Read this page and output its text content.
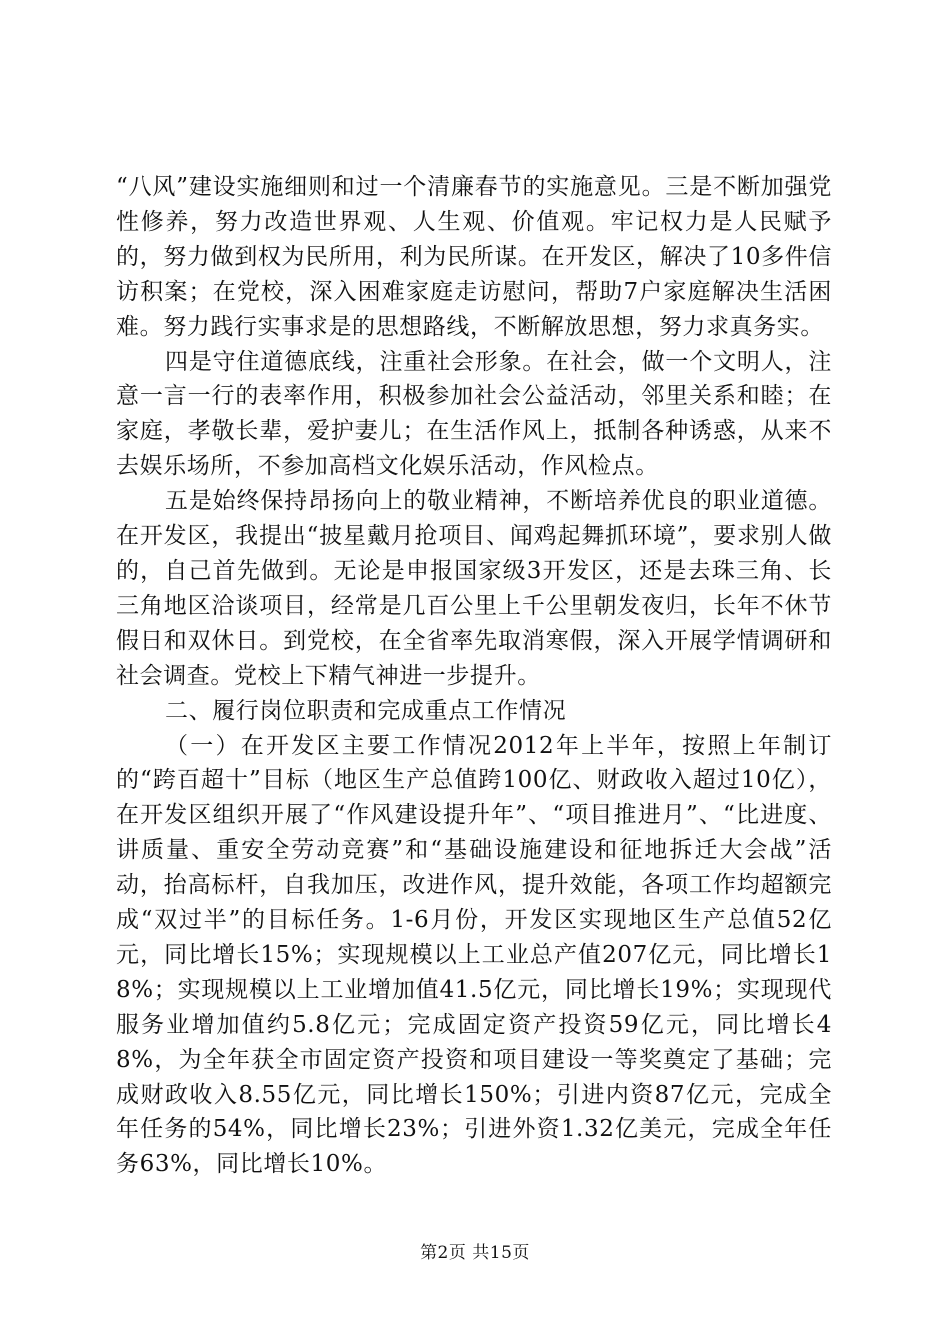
“八风”建设实施细则和过一个清廉春节的实施意见。三是不断加强党性修养，努力改造世界观、人生观、价值观。牢记权力是人民赋予的，努力做到权为民所用，利为民所谋。在开发区，解决了10多件信访积案；在党校，深入困难家庭走访慰问，帮助7户家庭解决生活困难。努力践行实事求是的思想路线，不断解放思想，努力求真务实。

四是守住道德底线，注重社会形象。在社会，做一个文明人，注意一言一行的表率作用，积极参加社会公益活动，邻里关系和睦；在家庭，孝敬长辈，爱护妻儿；在生活作风上，抵制各种诱惑，从来不去娱乐场所，不参加高档文化娱乐活动，作风检点。

五是始终保持昂扬向上的敬业精神，不断培养优良的职业道德。在开发区，我提出“披星戴月抢项目、闻鸡起舞抓环境”，要求别人做的，自己首先做到。无论是申报国家级3开发区，还是去珠三角、长三角地区洽谈项目，经常是几百公里上千公里朝发夜归，长年不休节假日和双休日。到党校，在全省率先取消寒假，深入开展学情调研和社会调查。党校上下精气神进一步提升。

二、履行岗位职责和完成重点工作情况

（一）在开发区主要工作情况2012年上半年，按照上年制订的“跨百超十”目标（地区生产总值跨100亿、财政收入超过10亿），在开发区组织开展了“作风建设提升年”、“项目推进月”、“比进度、讲质量、重安全劳动竞赛”和“基础设施建设和征地拆迁大会战”活动，抬高标杆，自我加压，改进作风，提升效能，各项工作均超额完成“双过半”的目标任务。1-6月份，开发区实现地区生产总值52亿元，同比增长15%；实现规模以上工业总产值207亿元，同比增长18%；实现规模以上工业增加值41.5亿元，同比增长19%；实现现代服务业增加值约5.8亿元；完成固定资产投资59亿元，同比增长48%，为全年获全市固定资产投资和项目建设一等奖奠定了基础；完成财政收入8.55亿元，同比增长150%；引进内资87亿元，完成全年任务的54%，同比增长23%；引进外资1.32亿美元，完成全年任务63%，同比增长10%。

第2页 共15页
